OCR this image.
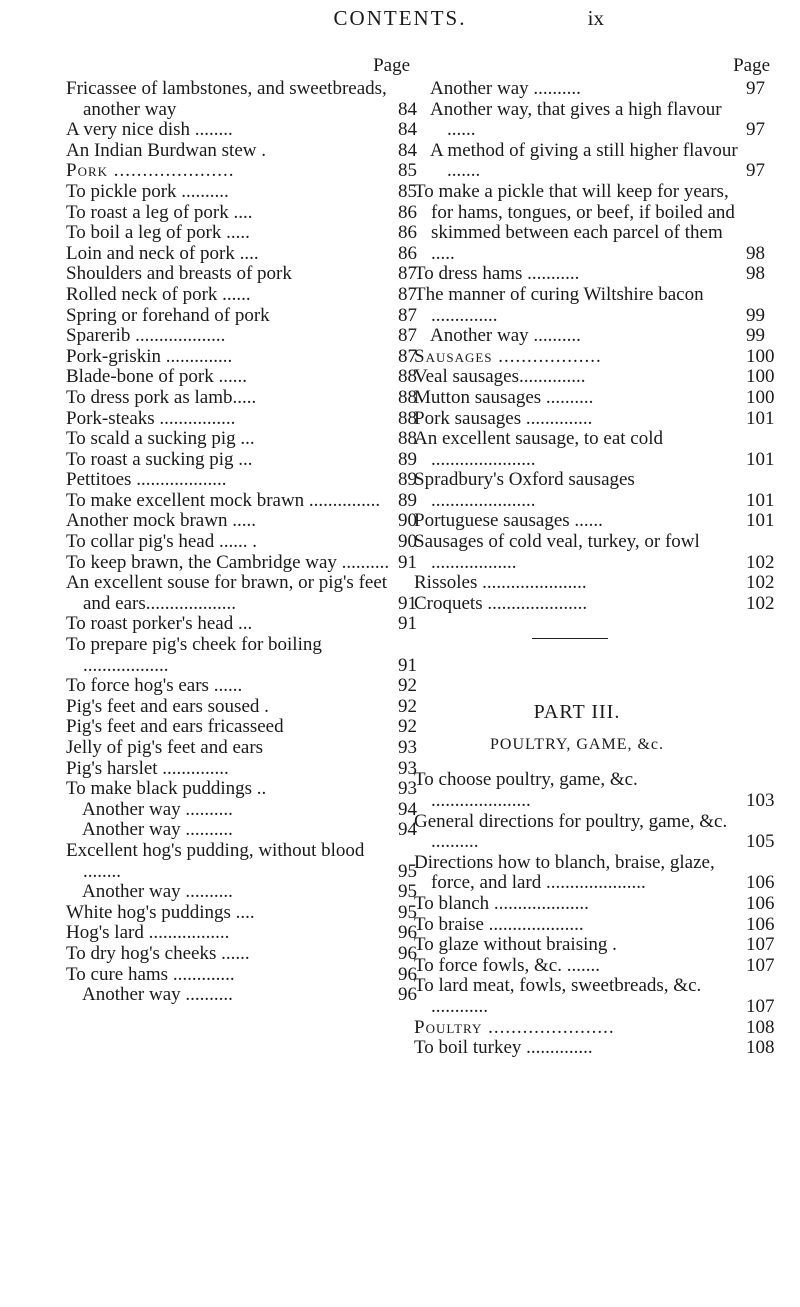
CONTENTS.	ix
Page
Fricassee of lambstones, and sweetbreads, another way	84
A very nice dish ........	84
An Indian Burdwan stew .	84
Pork .....................	85
To pickle pork ..........	85
To roast a leg of pork ....	86
To boil a leg of pork .....	86
Loin and neck of pork ....	86
Shoulders and breasts of pork	87
Rolled neck of pork ......	87
Spring or forehand of pork	87
Sparerib ...................	87
Pork-griskin ..............	87
Blade-bone of pork ......	88
To dress pork as lamb.....	88
Pork-steaks ................	88
To scald a sucking pig ...	88
To roast a sucking pig ...	89
Pettitoes ...................	89
To make excellent mock brawn ............... 89
Another mock brawn .....	90
To collar pig's head ...... .	90
To keep brawn, the Cambridge way .......... 91
An excellent souse for brawn, or pig's feet and ears...................	91
To roast porker's head ...	91
To prepare pig's cheek for boiling ..................	91
To force hog's ears ......	92
Pig's feet and ears soused .	92
Pig's feet and ears fricasseed	92
Jelly of pig's feet and ears	93
Pig's harslet ..............	93
To make black puddings ..	93
Another way ..........	94
Another way ..........	94
Excellent hog's pudding, without blood ........	95
Another way ..........	95
White hog's puddings ....	95
Hog's lard .................	96
To dry hog's cheeks ......	96
To cure hams .............	96
Another way ..........	96
Page
Another way ..........	97
Another way, that gives a high flavour ......	97
A method of giving a still higher flavour .......	97
To make a pickle that will keep for years, for hams, tongues, or beef, if boiled and skimmed between each parcel of them .....	98
To dress hams ...........	98
The manner of curing Wiltshire bacon ..............	99
Another way ..........	99
Sausages ..................	100
Veal sausages..............	100
Mutton sausages ..........	100
Pork sausages ..............	101
An excellent sausage, to eat cold ......................	101
Spradbury's Oxford sausages ......................	101
Portuguese sausages ......	101
Sausages of cold veal, turkey, or fowl ..................	102
Rissoles ......................	102
Croquets .....................	102
PART III.
POULTRY, GAME, &c.
To choose poultry, game, &c. .....................	103
General directions for poultry, game, &c. ..........	105
Directions how to blanch, braise, glaze, force, and lard .....................	106
To blanch ....................	106
To braise ....................	106
To glaze without braising .	107
To force fowls, &c. .......	107
To lard meat, fowls, sweetbreads, &c. ............	107
Poultry ......................	108
To boil turkey ..............	108
